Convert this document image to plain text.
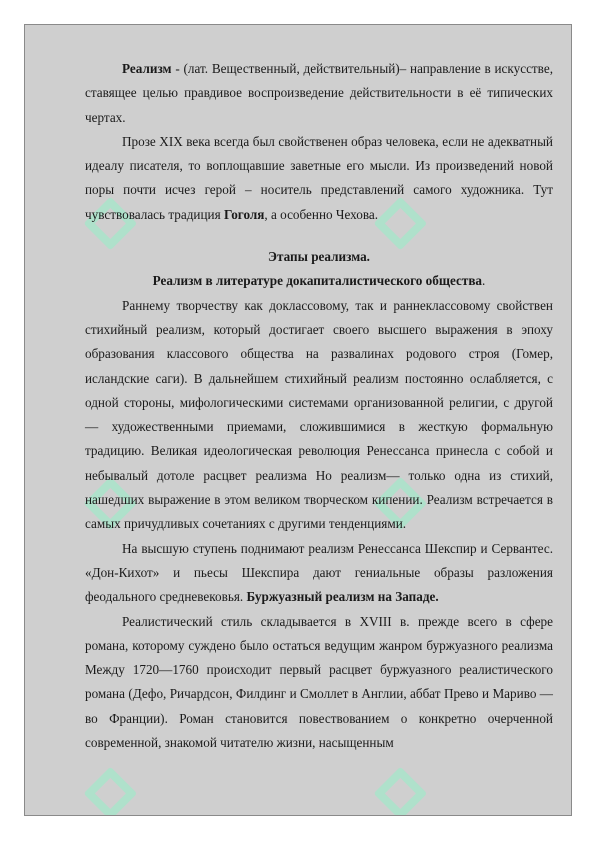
Реализм - (лат. Вещественный, действительный)– направление в искусстве, ставящее целью правдивое воспроизведение действительности в её типических чертах.

Прозе XIX века всегда был свойственен образ человека, если не адекватный идеалу писателя, то воплощавшие заветные его мысли. Из произведений новой поры почти исчез герой – носитель представлений самого художника. Тут чувствовалась традиция Гоголя, а особенно Чехова.

Этапы реализма.

Реализм в литературе докапиталистического общества.

Раннему творчеству как доклассовому, так и раннеклассовому свойствен стихийный реализм, который достигает своего высшего выражения в эпоху образования классового общества на развалинах родового строя (Гомер, исландские саги). В дальнейшем стихийный реализм постоянно ослабляется, с одной стороны, мифологическими системами организованной религии, с другой — художественными приемами, сложившимися в жесткую формальную традицию. Великая идеологическая революция Ренессанса принесла с собой и небывалый дотоле расцвет реализма Но реализм— только одна из стихий, нашедших выражение в этом великом творческом кипении. Реализм встречается в самых причудливых сочетаниях с другими тенденциями.

На высшую ступень поднимают реализм Ренессанса Шекспир и Сервантес. «Дон-Кихот» и пьесы Шекспира дают гениальные образы разложения феодального средневековья. Буржуазный реализм на Западе.

Реалистический стиль складывается в XVIII в. прежде всего в сфере романа, которому суждено было остаться ведущим жанром буржуазного реализма Между 1720—1760 происходит первый расцвет буржуазного реалистического романа (Дефо, Ричардсон, Филдинг и Смоллет в Англии, аббат Прево и Мариво — во Франции). Роман становится повествованием о конкретно очерченной современной, знакомой читателю жизни, насыщенным
